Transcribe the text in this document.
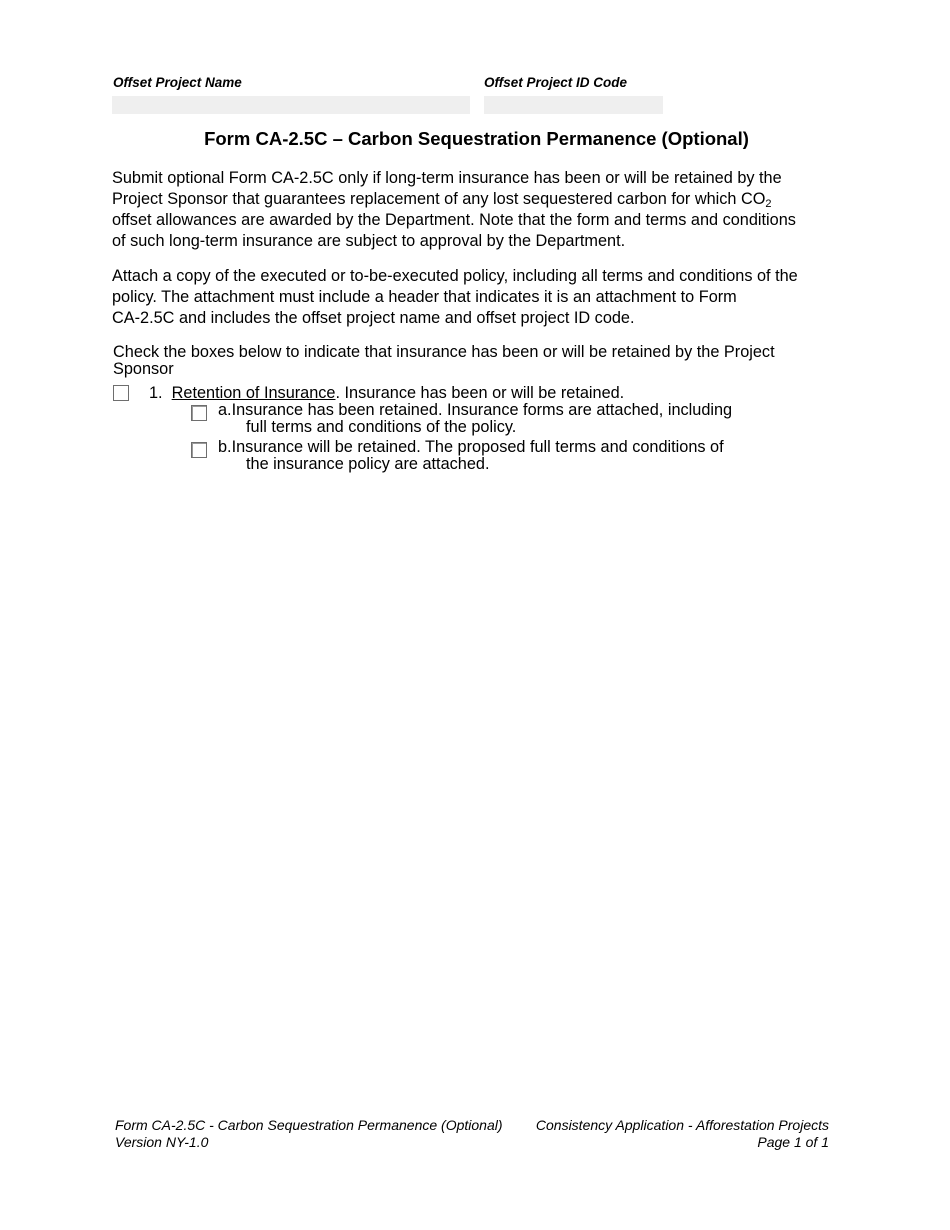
Offset Project Name	Offset Project ID Code
Form CA-2.5C – Carbon Sequestration Permanence (Optional)
Submit optional Form CA-2.5C only if long-term insurance has been or will be retained by the
Project Sponsor that guarantees replacement of any lost sequestered carbon for which $CO_2$
offset allowances are awarded by the Department. Note that the form and terms and conditions
of such long-term insurance are subject to approval by the Department.
Attach a copy of the executed or to-be-executed policy, including all terms and conditions of the
policy. The attachment must include a header that indicates it is an attachment to Form
CA-2.5C and includes the offset project name and offset project ID code.
Check the boxes below to indicate that insurance has been or will be retained by the Project
Sponsor
1. Retention of Insurance. Insurance has been or will be retained.
a.Insurance has been retained. Insurance forms are attached, including
full terms and conditions of the policy.
b.Insurance will be retained. The proposed full terms and conditions of
the insurance policy are attached.
Form CA-2.5C - Carbon Sequestration Permanence (Optional)
Version NY-1.0
Consistency Application - Afforestation Projects
Page 1 of 1
